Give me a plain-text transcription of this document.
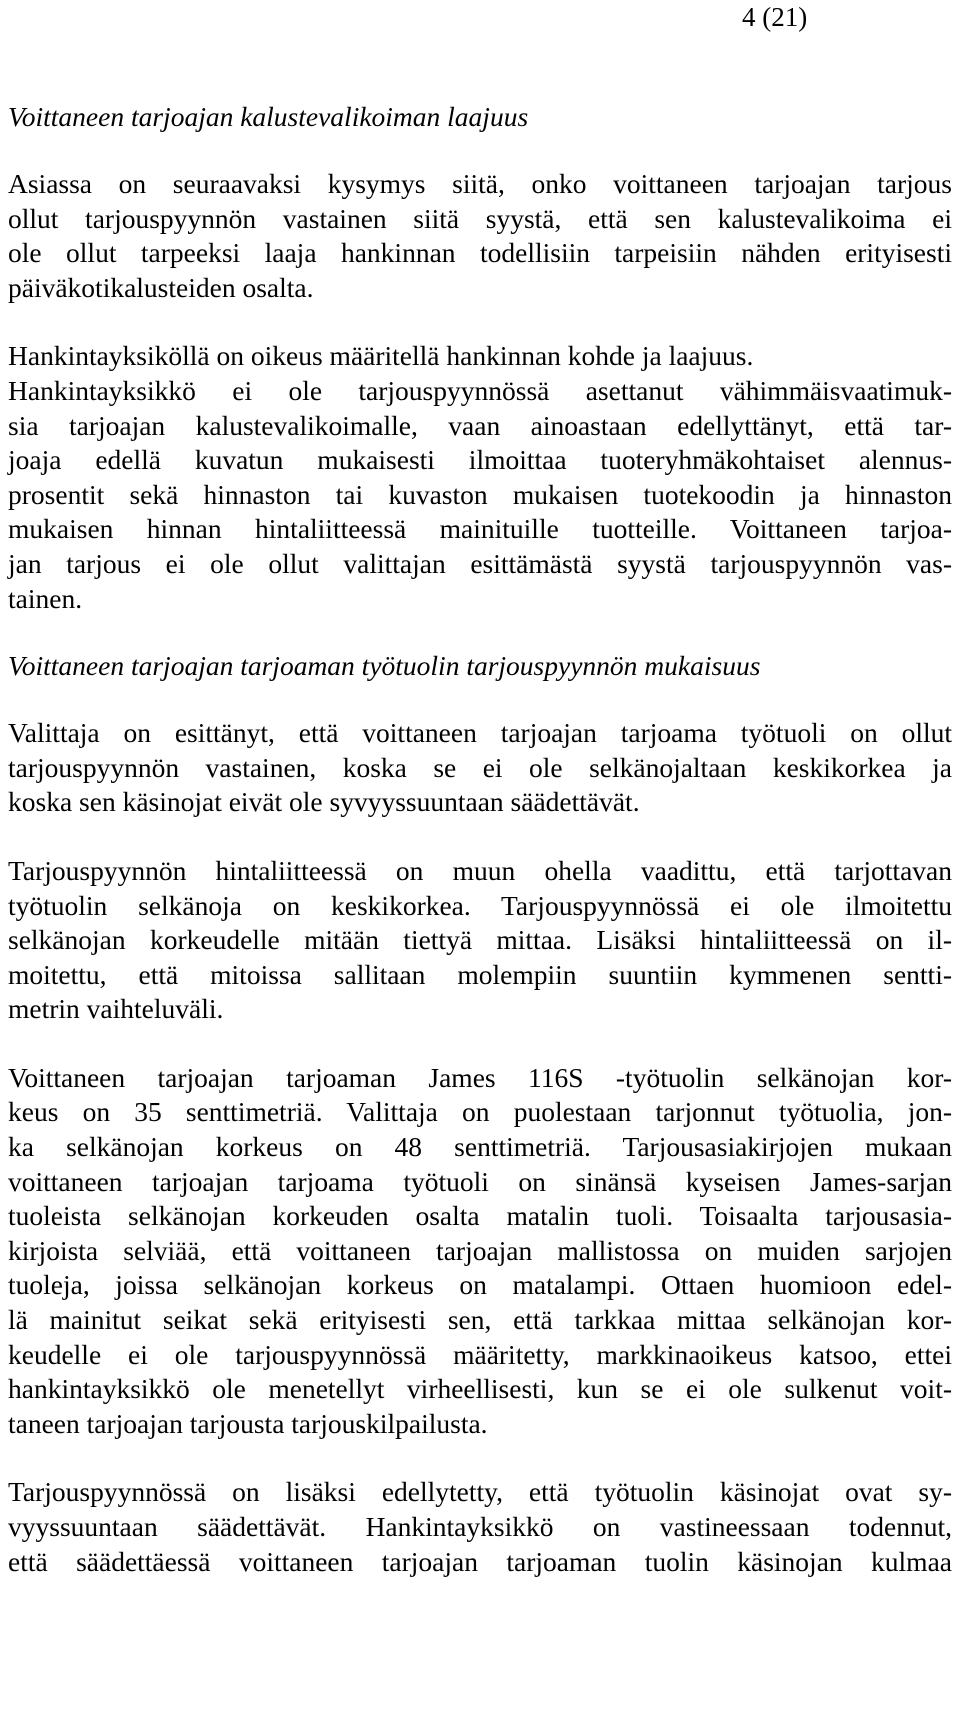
4 (21)

Voittaneen tarjoajan kalustevalikoiman laajuus

Asiassa on seuraavaksi kysymys siitä, onko voittaneen tarjoajan tarjous
ollut tarjouspyynnön vastainen siitä syystä, että sen kalustevalikoima ei
ole ollut tarpeeksi laaja hankinnan todellisiin tarpeisiin nähden erityisesti
päiväkotikalusteiden osalta.

Hankintayksiköllä on oikeus määritellä hankinnan kohde ja laajuus.
Hankintayksikkö ei ole tarjouspyynnössä asettanut vähimmäisvaatimuk-
sia tarjoajan kalustevalikoimalle, vaan ainoastaan edellyttänyt, että tar-
joaja edellä kuvatun mukaisesti ilmoittaa tuoteryhmäkohtaiset alennus-
prosentit sekä hinnaston tai kuvaston mukaisen tuotekoodin ja hinnaston
mukaisen hinnan hintaliitteessä mainituille tuotteille. Voittaneen tarjoa-
jan tarjous ei ole ollut valittajan esittämästä syystä tarjouspyynnön vas-
tainen.

Voittaneen tarjoajan tarjoaman työtuolin tarjouspyynnön mukaisuus

Valittaja on esittänyt, että voittaneen tarjoajan tarjoama työtuoli on ollut
tarjouspyynnön vastainen, koska se ei ole selkänojaltaan keskikorkea ja
koska sen käsinojat eivät ole syvyyssuuntaan säädettävät.

Tarjouspyynnön hintaliitteessä on muun ohella vaadittu, että tarjottavan
työtuolin selkänoja on keskikorkea. Tarjouspyynnössä ei ole ilmoitettu
selkänojan korkeudelle mitään tiettyä mittaa. Lisäksi hintaliitteessä on il-
moitettu, että mitoissa sallitaan molempiin suuntiin kymmenen sentti-
metrin vaihteluväli.

Voittaneen tarjoajan tarjoaman James 116S -työtuolin selkänojan kor-
keus on 35 senttimetriä. Valittaja on puolestaan tarjonnut työtuolia, jon-
ka selkänojan korkeus on 48 senttimetriä. Tarjousasiakirjojen mukaan
voittaneen tarjoajan tarjoama työtuoli on sinänsä kyseisen James-sarjan
tuoleista selkänojan korkeuden osalta matalin tuoli. Toisaalta tarjousasia-
kirjoista selviää, että voittaneen tarjoajan mallistossa on muiden sarjojen
tuoleja, joissa selkänojan korkeus on matalampi. Ottaen huomioon edel-
lä mainitut seikat sekä erityisesti sen, että tarkkaa mittaa selkänojan kor-
keudelle ei ole tarjouspyynnössä määritetty, markkinaoikeus katsoo, ettei
hankintayksikkö ole menetellyt virheellisesti, kun se ei ole sulkenut voit-
taneen tarjoajan tarjousta tarjouskilpailusta.

Tarjouspyynnössä on lisäksi edellytetty, että työtuolin käsinojat ovat sy-
vyyssuuntaan säädettävät. Hankintayksikkö on vastineessaan todennut,
että säädettäessä voittaneen tarjoajan tarjoaman tuolin käsinojan kulmaa
